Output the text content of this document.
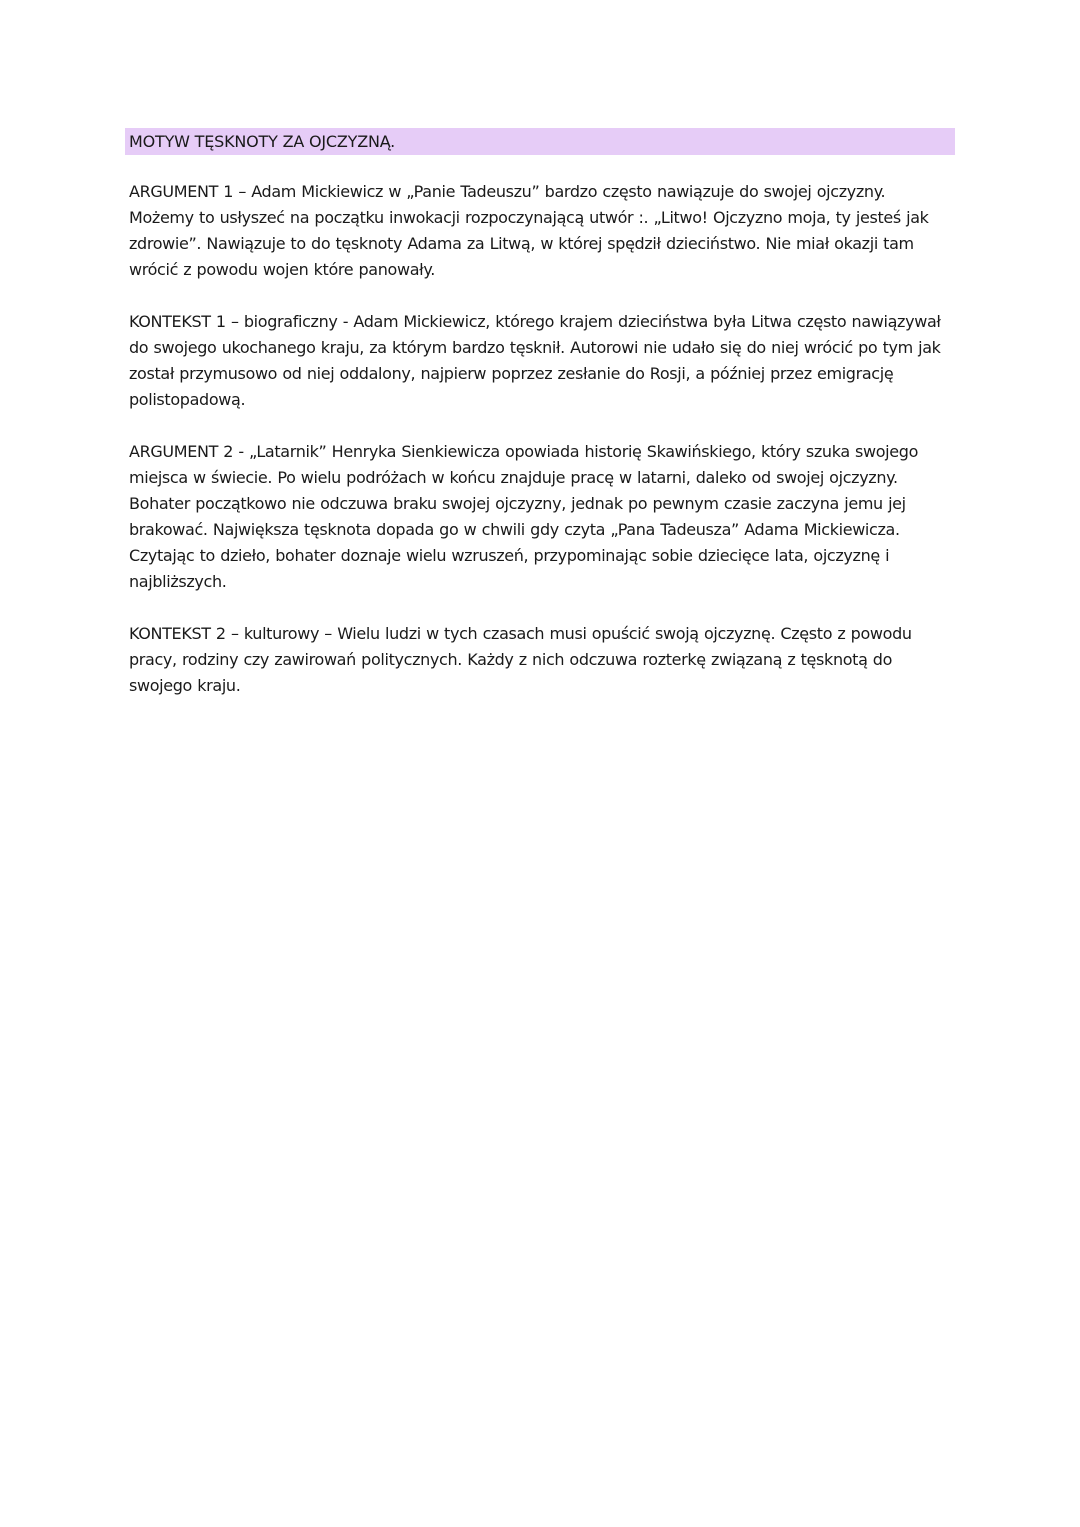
MOTYW TĘSKNOTY ZA OJCZYZNĄ.

ARGUMENT 1 – Adam Mickiewicz w „Panie Tadeuszu” bardzo często nawiązuje do swojej ojczyzny. Możemy to usłyszeć na początku inwokacji rozpoczynającą utwór :. „Litwo! Ojczyzno moja, ty jesteś jak zdrowie”. Nawiązuje to do tęsknoty Adama za Litwą, w której spędził dzieciństwo. Nie miał okazji tam wrócić z powodu wojen które panowały.

KONTEKST 1 – biograficzny - Adam Mickiewicz, którego krajem dzieciństwa była Litwa często nawiązywał do swojego ukochanego kraju, za którym bardzo tęsknił. Autorowi nie udało się do niej wrócić po tym jak został przymusowo od niej oddalony, najpierw poprzez zesłanie do Rosji, a później przez emigrację polistopadową.

ARGUMENT 2 - „Latarnik” Henryka Sienkiewicza opowiada historię Skawińskiego, który szuka swojego miejsca w świecie. Po wielu podróżach w końcu znajduje pracę w latarni, daleko od swojej ojczyzny. Bohater początkowo nie odczuwa braku swojej ojczyzny, jednak po pewnym czasie zaczyna jemu jej brakować. Największa tęsknota dopada go w chwili gdy czyta „Pana Tadeusza” Adama Mickiewicza. Czytając to dzieło, bohater doznaje wielu wzruszeń, przypominając sobie dziecięce lata, ojczyznę i najbliższych.

KONTEKST 2 – kulturowy – Wielu ludzi w tych czasach musi opuścić swoją ojczyznę. Często z powodu pracy, rodziny czy zawirowań politycznych. Każdy z nich odczuwa rozterkę związaną z tęsknotą do swojego kraju.
